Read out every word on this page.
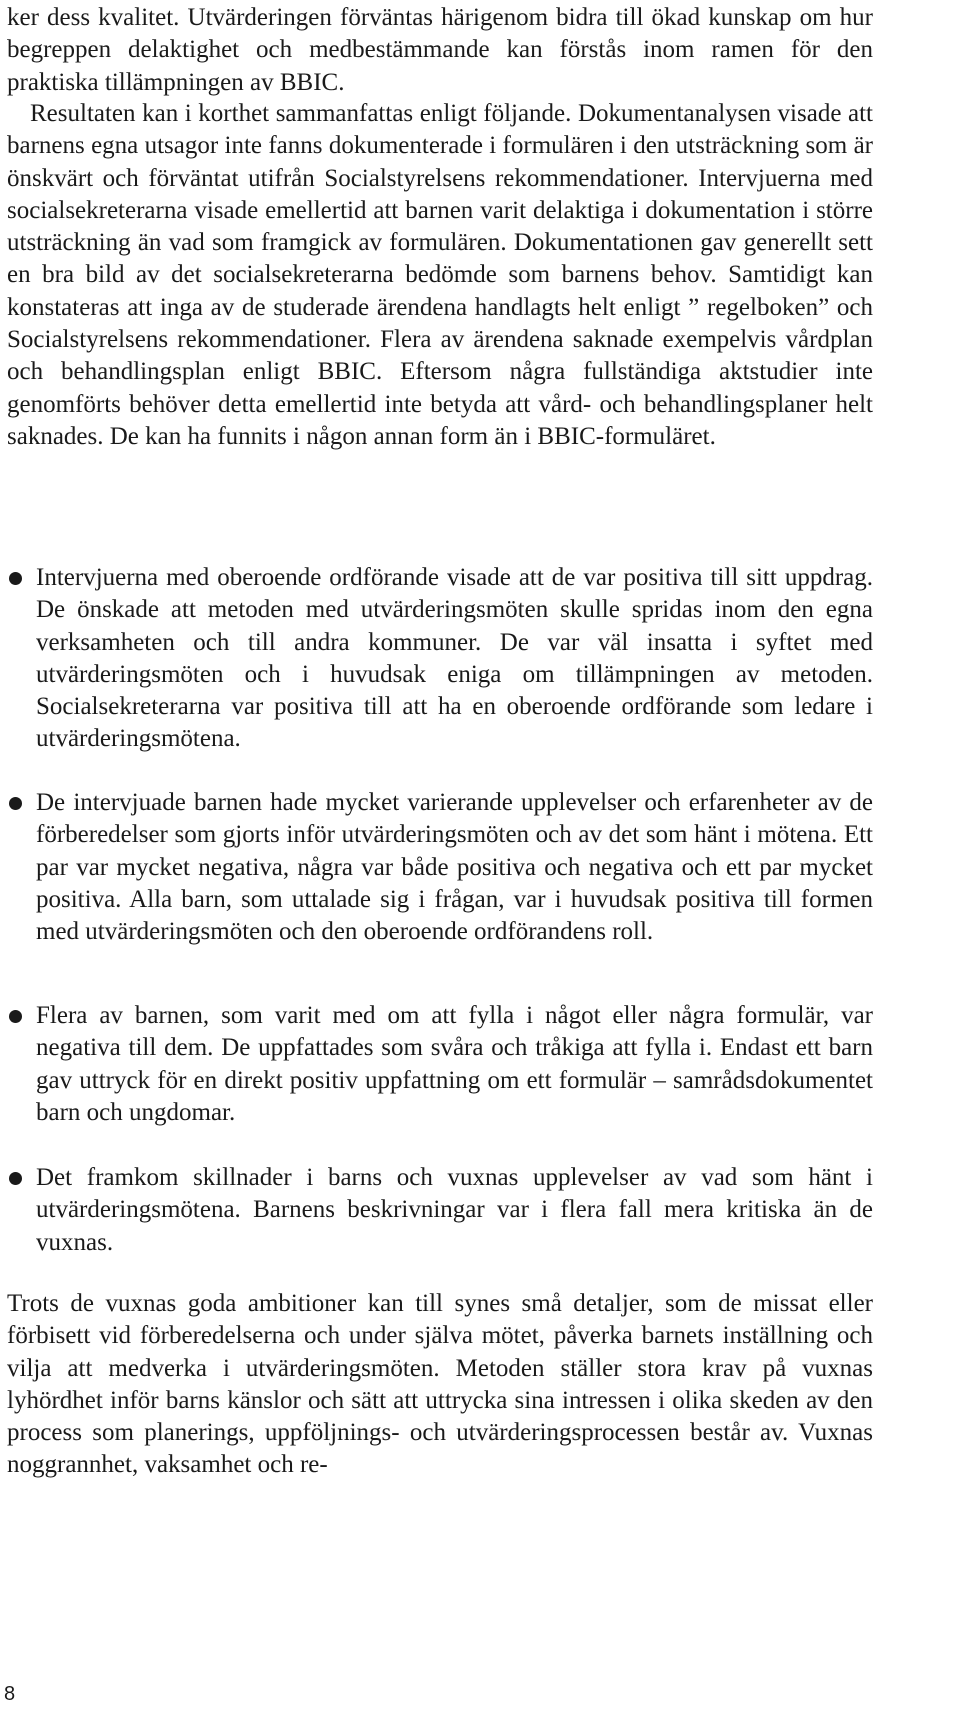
ker dess kvalitet. Utvärderingen förväntas härigenom bidra till ökad kunskap om hur begreppen delaktighet och medbestämmande kan förstås inom ramen för den praktiska tillämpningen av BBIC.

Resultaten kan i korthet sammanfattas enligt följande. Dokumentanalysen visade att barnens egna utsagor inte fanns dokumenterade i formulären i den utsträckning som är önskvärt och förväntat utifrån Socialstyrelsens rekommendationer. Intervjuerna med socialsekreterarna visade emellertid att barnen varit delaktiga i dokumentation i större utsträckning än vad som framgick av formulären. Dokumentationen gav generellt sett en bra bild av det socialsekreterarna bedömde som barnens behov. Samtidigt kan konstateras att inga av de studerade ärendena handlagts helt enligt ” regelboken” och Socialstyrelsens rekommendationer. Flera av ärendena saknade exempelvis vårdplan och behandlingsplan enligt BBIC. Eftersom några fullständiga aktstudier inte genomförts behöver detta emellertid inte betyda att vård- och behandlingsplaner helt saknades. De kan ha funnits i någon annan form än i BBIC-formuläret.

Intervjuerna med oberoende ordförande visade att de var positiva till sitt uppdrag. De önskade att metoden med utvärderingsmöten skulle spridas inom den egna verksamheten och till andra kommuner. De var väl insatta i syftet med utvärderingsmöten och i huvudsak eniga om tillämpningen av metoden. Socialsekreterarna var positiva till att ha en oberoende ordförande som ledare i utvärderingsmötena.

De intervjuade barnen hade mycket varierande upplevelser och erfarenheter av de förberedelser som gjorts inför utvärderingsmöten och av det som hänt i mötena. Ett par var mycket negativa, några var både positiva och negativa och ett par mycket positiva. Alla barn, som uttalade sig i frågan, var i huvudsak positiva till formen med utvärderingsmöten och den oberoende ordförandens roll.

Flera av barnen, som varit med om att fylla i något eller några formulär, var negativa till dem. De uppfattades som svåra och tråkiga att fylla i. Endast ett barn gav uttryck för en direkt positiv uppfattning om ett formulär – samrådsdokumentet barn och ungdomar.

Det framkom skillnader i barns och vuxnas upplevelser av vad som hänt i utvärderingsmötena. Barnens beskrivningar var i flera fall mera kritiska än de vuxnas.

Trots de vuxnas goda ambitioner kan till synes små detaljer, som de missat eller förbisett vid förberedelserna och under själva mötet, påverka barnets inställning och vilja att medverka i utvärderingsmöten. Metoden ställer stora krav på vuxnas lyhördhet inför barns känslor och sätt att uttrycka sina intressen i olika skeden av den process som planerings, uppföljnings- och utvärderingsprocessen består av. Vuxnas noggrannhet, vaksamhet och re-

8
